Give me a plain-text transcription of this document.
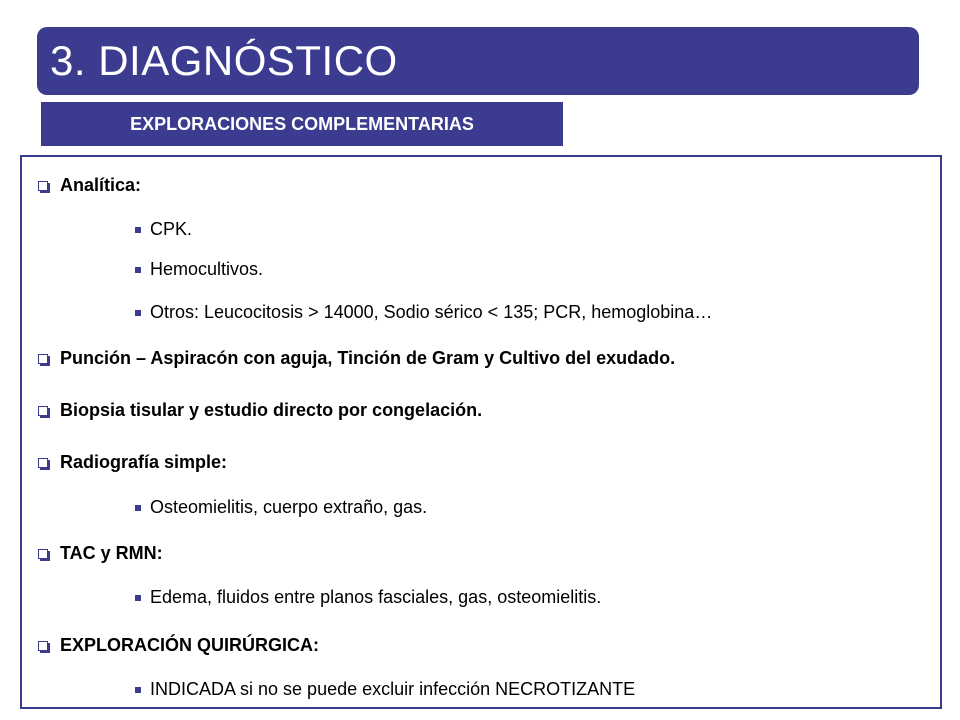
3. DIAGNÓSTICO
EXPLORACIONES COMPLEMENTARIAS
Analítica:
CPK.
Hemocultivos.
Otros: Leucocitosis > 14000, Sodio sérico < 135; PCR, hemoglobina…
Punción – Aspiracón con aguja, Tinción de Gram y Cultivo del exudado.
Biopsia tisular y estudio directo por congelación.
Radiografía simple:
Osteomielitis, cuerpo extraño, gas.
TAC y RMN:
Edema, fluidos entre planos fasciales, gas, osteomielitis.
EXPLORACIÓN QUIRÚRGICA:
INDICADA si no se puede excluir infección NECROTIZANTE
